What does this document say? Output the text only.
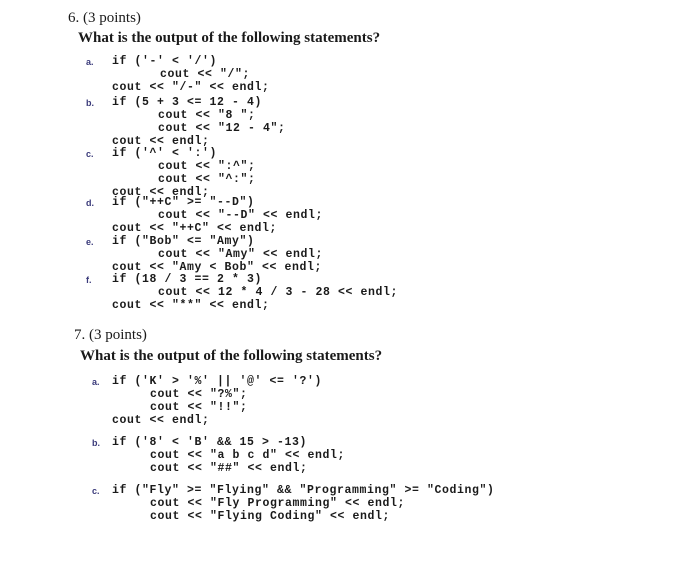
6. (3 points)
What is the output of the following statements?
a. if ('-' < '/')
cout << "/";
cout << "/-" << endl;
b. if (5 + 3 <= 12 - 4)
cout << "8 ";
cout << "12 - 4";
cout << endl;
c. if ('^' < ':')
cout << ":^";
cout << "^:";
cout << endl;
d. if ("++C" >= "--D")
cout << "--D" << endl;
cout << "++C" << endl;
e. if ("Bob" <= "Amy")
cout << "Amy" << endl;
cout << "Amy < Bob" << endl;
f. if (18 / 3 == 2 * 3)
cout << 12 * 4 / 3 - 28 << endl;
cout << "**" << endl;
7. (3 points)
What is the output of the following statements?
a. if ('K' > '%' || '@' <= '?')
cout << "?%";
cout << "!!";
cout << endl;
b. if ('8' < 'B' && 15 > -13)
cout << "a b c d" << endl;
cout << "##" << endl;
c. if ("Fly" >= "Flying" && "Programming" >= "Coding")
cout << "Fly Programming" << endl;
cout << "Flying Coding" << endl;
